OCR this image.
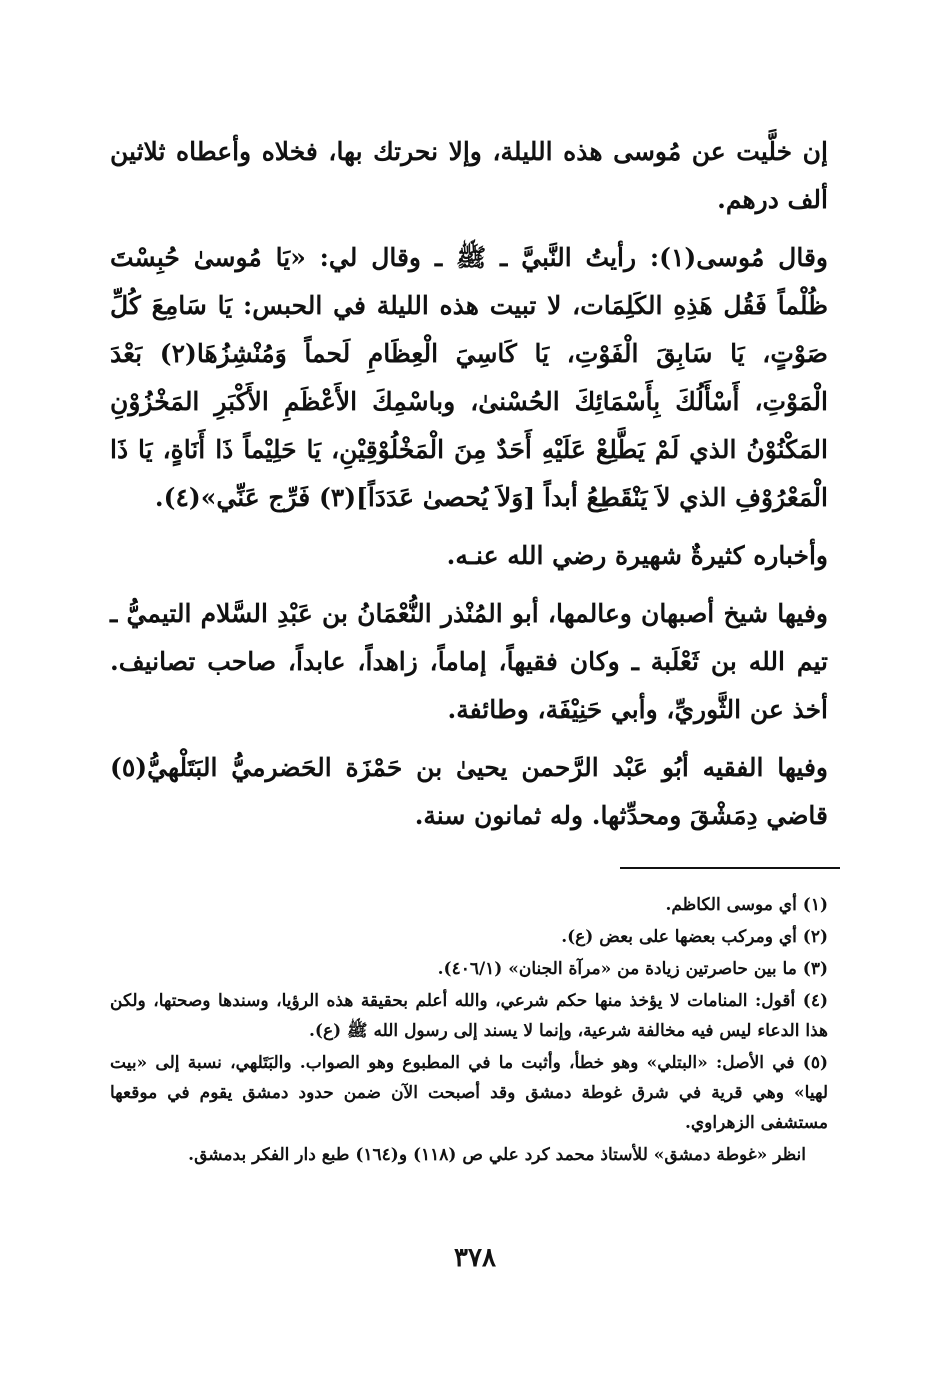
إن خلَّيت عن مُوسى هذه الليلة، وإلا نحرتك بها، فخلاه وأعطاه ثلاثين ألف درهم.

وقال مُوسى(١): رأيتُ النَّبيَّ ـ ﷺ ـ وقال لي: «يَا مُوسىٰ حُبِسْتَ ظُلْماً فَقُل هَذِهِ الكَلِمَات، لا تبيت هذه الليلة في الحبس: يَا سَامِعَ كُلِّ صَوْتٍ، يَا سَابِقَ الْفَوْتِ، يَا كَاسِيَ الْعِظَامِ لَحماً وَمُنْشِزُهَا(٢) بَعْدَ الْمَوْتِ، أَسْأَلُكَ بِأَسْمَائِكَ الحُسْنىٰ، وباسْمِكَ الأَعْظَمِ الأَكْبَرِ المَخْزُوْنِ المَكْنُوْنُ الذي لَمْ يَطَّلِعْ عَلَيْهِ أَحَدٌ مِنَ الْمَخْلُوْقِيْنِ، يَا حَلِيْماً ذَا أَنَاةٍ، يَا ذَا الْمَعْرُوْفِ الذي لاَ يَنْقَطِعُ أبداً [وَلاَ يُحصىٰ عَدَدَاً](٣) فَرِّج عَنِّي»(٤).

وأخباره كثيرةٌ شهيرة رضي الله عنـه.

وفيها شيخ أصبهان وعالمها، أبو المُنْذر النُّعْمَانُ بن عَبْدِ السَّلام التيميُّ ـ تيم الله بن ثَعْلَبة ـ وكان فقيهاً، إماماً، زاهداً، عابداً، صاحب تصانيف. أخذ عن الثَّوريِّ، وأبي حَنِيْفَة، وطائفة.

وفيها الفقيه أبُو عَبْد الرَّحمن يحيىٰ بن حَمْزَة الحَضرميُّ البَتَلْهيُّ(٥) قاضي دِمَشْقَ ومحدِّثها. وله ثمانون سنة.

(١) أي موسى الكاظم.

(٢) أي ومركب بعضها على بعض (ع).

(٣) ما بين حاصرتين زيادة من «مرآة الجنان» (٤٠٦/١).

(٤) أقول: المنامات لا يؤخذ منها حكم شرعي، والله أعلم بحقيقة هذه الرؤيا، وسندها وصحتها، ولكن هذا الدعاء ليس فيه مخالفة شرعية، وإنما لا يسند إلى رسول الله ﷺ (ع).

(٥) في الأصل: «البتلي» وهو خطأ، وأثبت ما في المطبوع وهو الصواب. والبَتَلهي، نسبة إلى «بيت لهيا» وهي قرية في شرق غوطة دمشق وقد أصبحت الآن ضمن حدود دمشق يقوم في موقعها مستشفى الزهراوي.

انظر «غوطة دمشق» للأستاذ محمد كرد علي ص (١١٨) و(١٦٤) طبع دار الفكر بدمشق.

٣٧٨
